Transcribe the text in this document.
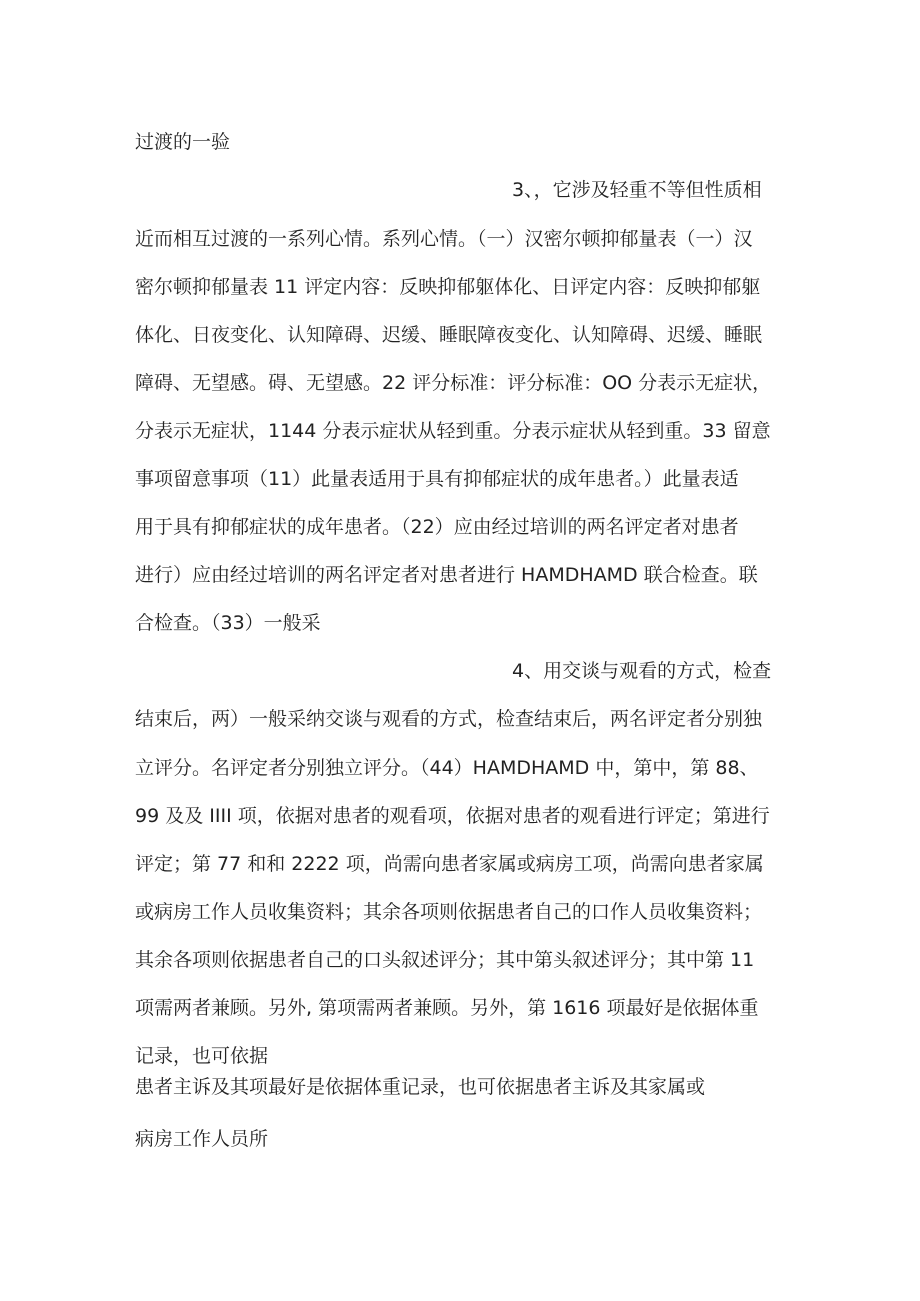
过渡的一验

3、，它涉及轻重不等但性质相

近而相互过渡的一系列心情。系列心情。（一）汉密尔顿抑郁量表（一）汉

密尔顿抑郁量表 11 评定内容：反映抑郁躯体化、日评定内容：反映抑郁躯

体化、日夜变化、认知障碍、迟缓、睡眠障夜变化、认知障碍、迟缓、睡眠

障碍、无望感。碍、无望感。22 评分标准：评分标准：OO 分表示无症状，

分表示无症状，1144 分表示症状从轻到重。分表示症状从轻到重。33 留意

事项留意事项（11）此量表适用于具有抑郁症状的成年患者。）此量表适

用于具有抑郁症状的成年患者。（22）应由经过培训的两名评定者对患者

进行）应由经过培训的两名评定者对患者进行 HAMDHAMD 联合检查。联

合检查。（33）一般采

4、用交谈与观看的方式，检查

结束后，两）一般采纳交谈与观看的方式，检查结束后，两名评定者分别独

立评分。名评定者分别独立评分。（44）HAMDHAMD 中，第中，第 88、

99 及及 IIII 项，依据对患者的观看项，依据对患者的观看进行评定；第进行

评定；第 77 和和 2222 项，尚需向患者家属或病房工项，尚需向患者家属

或病房工作人员收集资料；其余各项则依据患者自己的口作人员收集资料；

其余各项则依据患者自己的口头叙述评分；其中第头叙述评分；其中第 11

项需两者兼顾。另外, 第项需两者兼顾。另外，第 1616 项最好是依据体重

记录，也可依据

患者主诉及其项最好是依据体重记录，也可依据患者主诉及其家属或

病房工作人员所
